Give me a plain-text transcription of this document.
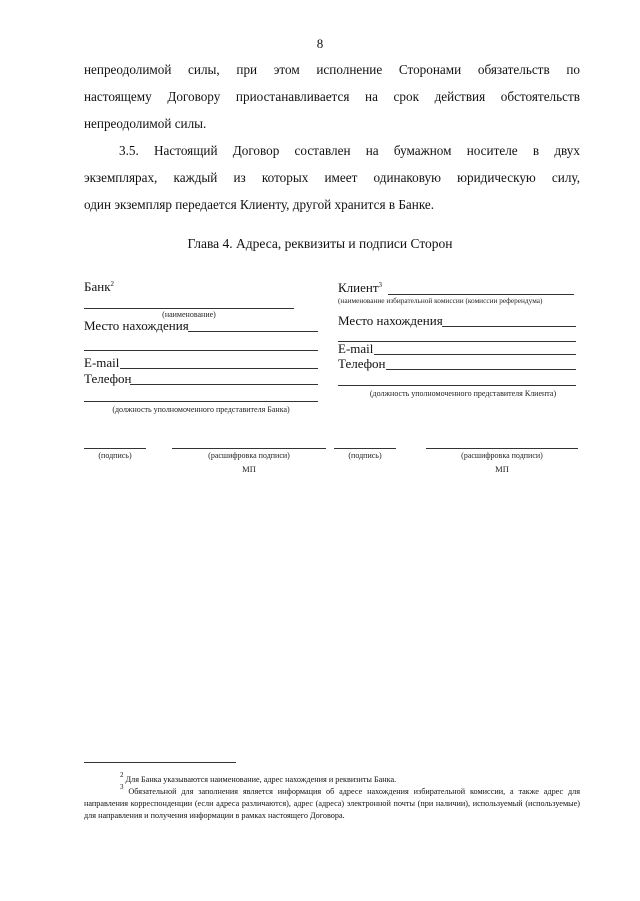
8
непреодолимой силы, при этом исполнение Сторонами обязательств по
настоящему Договору приостанавливается на срок действия обстоятельств
непреодолимой силы.
3.5. Настоящий Договор составлен на бумажном носителе в двух
экземплярах, каждый из которых имеет одинаковую юридическую силу,
один экземпляр передается Клиенту, другой хранится в Банке.
Глава 4. Адреса, реквизиты и подписи Сторон
Банк$^2$
(наименование)
Место нахождения
E-mail
Телефон
(должность уполномоченного представителя Банка)
(подпись)	(расшифровка подписи)
МП
Клиент$^3$
(наименование избирательной комиссии (комиссии референдума)
Место нахождения
E-mail
Телефон
(должность уполномоченного представителя Клиента)
(подпись)	(расшифровка подписи)
МП
$^2$ Для Банка указываются наименование, адрес нахождения и реквизиты Банка.
$^3$ Обязательной для заполнения является информация об адресе нахождения избирательной комиссии, а также адрес для направления корреспонденции (если адреса различаются), адрес (адреса) электронной почты (при наличии), используемый (используемые) для направления и получения информации в рамках настоящего Договора.
